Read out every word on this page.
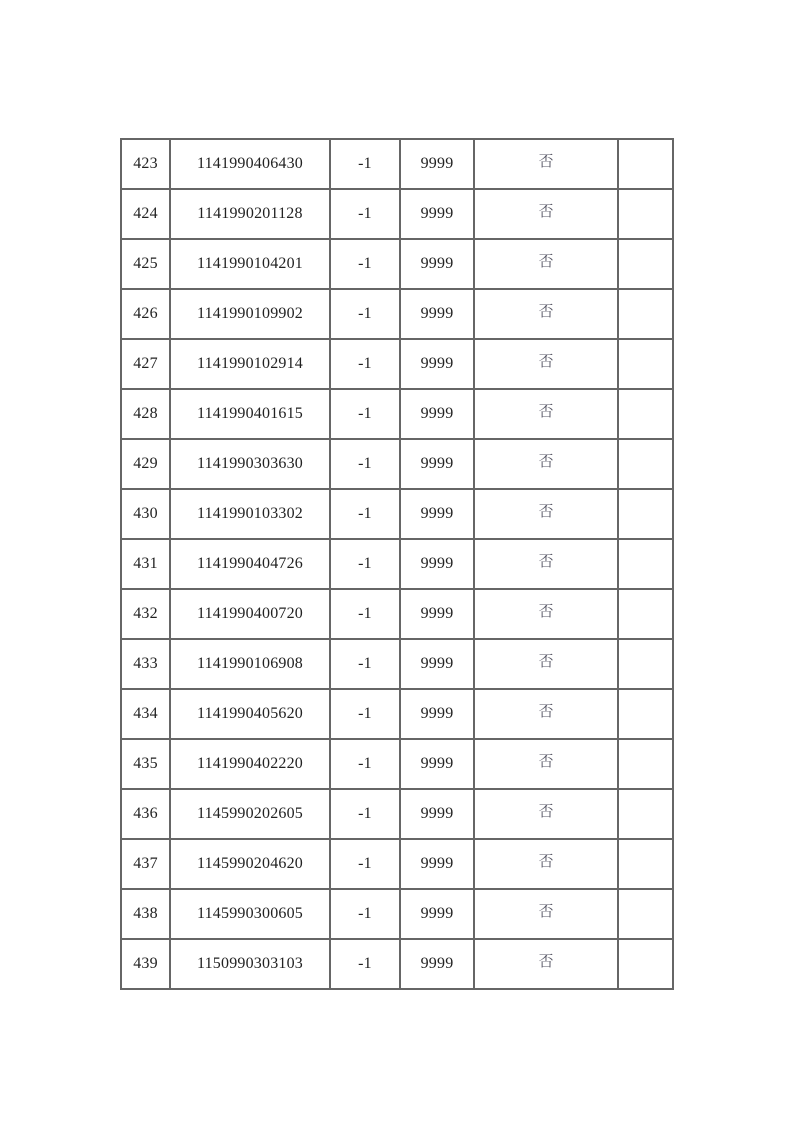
423	1141990406430	-1	9999	否	
424	1141990201128	-1	9999	否	
425	1141990104201	-1	9999	否	
426	1141990109902	-1	9999	否	
427	1141990102914	-1	9999	否	
428	1141990401615	-1	9999	否	
429	1141990303630	-1	9999	否	
430	1141990103302	-1	9999	否	
431	1141990404726	-1	9999	否	
432	1141990400720	-1	9999	否	
433	1141990106908	-1	9999	否	
434	1141990405620	-1	9999	否	
435	1141990402220	-1	9999	否	
436	1145990202605	-1	9999	否	
437	1145990204620	-1	9999	否	
438	1145990300605	-1	9999	否	
439	1150990303103	-1	9999	否	
